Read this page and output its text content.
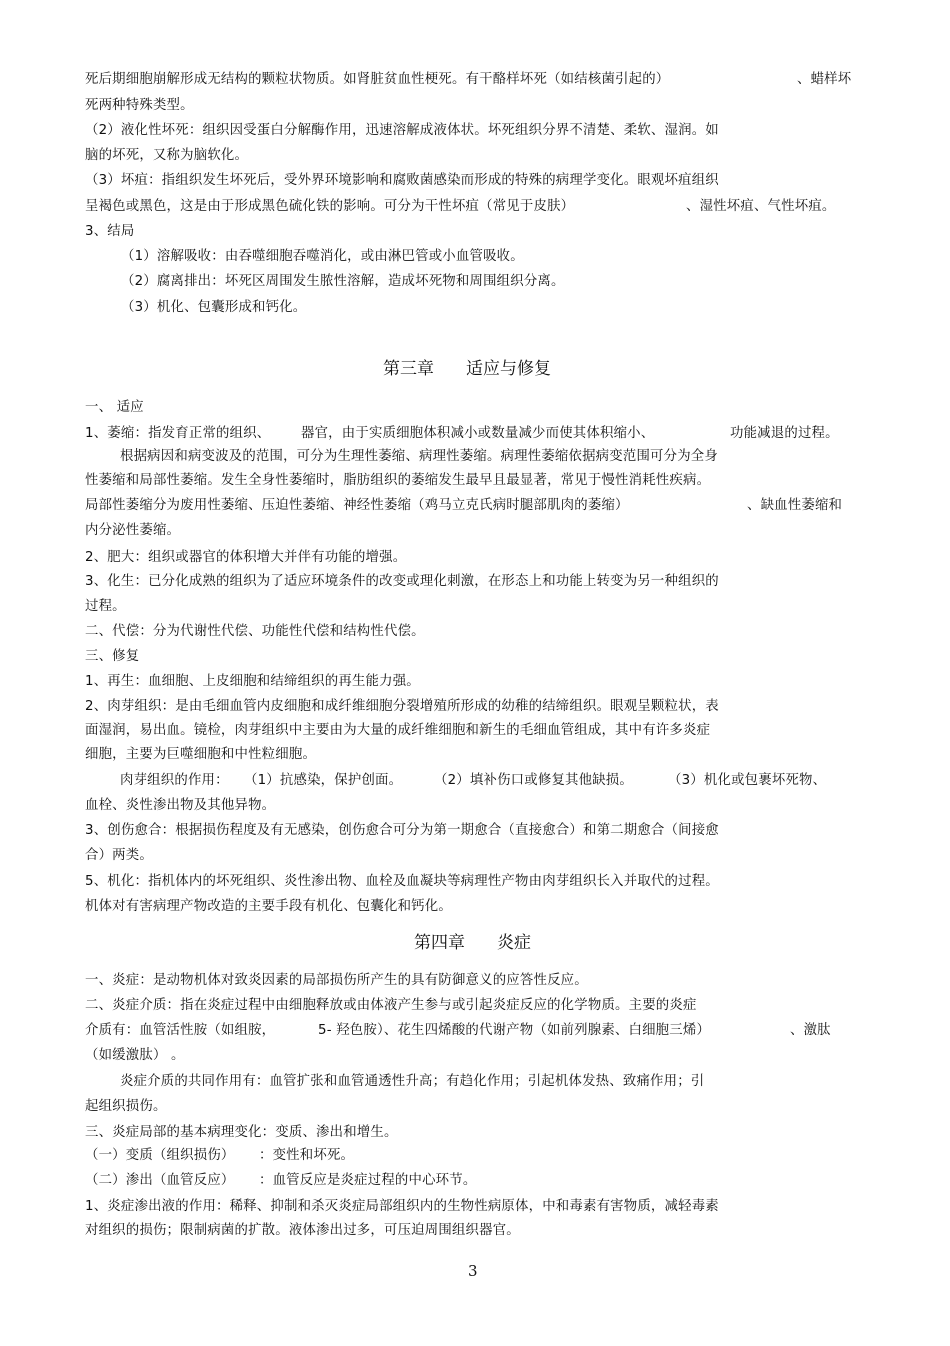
死后期细胞崩解形成无结构的颗粒状物质。如肾脏贫血性梗死。有干酪样坏死（如结核菌引起的）	、蜡样坏
死两种特殊类型。
（2）液化性坏死：组织因受蛋白分解酶作用，迅速溶解成液体状。坏死组织分界不清楚、柔软、湿润。如
脑的坏死，又称为脑软化。
（3）坏疽：指组织发生坏死后，受外界环境影响和腐败菌感染而形成的特殊的病理学变化。眼观坏疽组织
呈褐色或黑色，这是由于形成黑色硫化铁的影响。可分为干性坏疽（常见于皮肤）	、湿性坏疽、气性坏疽。
3、结局
（1）溶解吸收：由吞噬细胞吞噬消化，或由淋巴管或小血管吸收。
（2）腐离排出：坏死区周围发生脓性溶解，造成坏死物和周围组织分离。
（3）机化、包囊形成和钙化。
第三章 适应与修复
一、 适应
1、萎缩：指发育正常的组织、 器官，由于实质细胞体积减小或数量减少而使其体积缩小、	功能减退的过程。
根据病因和病变波及的范围，可分为生理性萎缩、病理性萎缩。病理性萎缩依据病变范围可分为全身
性萎缩和局部性萎缩。发生全身性萎缩时，脂肪组织的萎缩发生最早且最显著，常见于慢性消耗性疾病。
局部性萎缩分为废用性萎缩、压迫性萎缩、神经性萎缩（鸡马立克氏病时腿部肌肉的萎缩）	、缺血性萎缩和
内分泌性萎缩。
2、肥大：组织或器官的体积增大并伴有功能的增强。
3、化生：已分化成熟的组织为了适应环境条件的改变或理化刺激，在形态上和功能上转变为另一种组织的
过程。
二、代偿：分为代谢性代偿、功能性代偿和结构性代偿。
三、修复
1、再生：血细胞、上皮细胞和结缔组织的再生能力强。
2、肉芽组织：是由毛细血管内皮细胞和成纤维细胞分裂增殖所形成的幼稚的结缔组织。眼观呈颗粒状，表
面湿润，易出血。镜检，肉芽组织中主要由为大量的成纤维细胞和新生的毛细血管组成，其中有许多炎症
细胞，主要为巨噬细胞和中性粒细胞。
肉芽组织的作用： （1）抗感染，保护创面。 （2）填补伤口或修复其他缺损。	（3）机化或包裹坏死物、
血栓、炎性渗出物及其他异物。
3、创伤愈合：根据损伤程度及有无感染，创伤愈合可分为第一期愈合（直接愈合）和第二期愈合（间接愈
合）两类。
5、机化：指机体内的坏死组织、炎性渗出物、血栓及血凝块等病理性产物由肉芽组织长入并取代的过程。
机体对有害病理产物改造的主要手段有机化、包囊化和钙化。
第四章 炎症
一、炎症：是动物机体对致炎因素的局部损伤所产生的具有防御意义的应答性反应。
二、炎症介质：指在炎症过程中由细胞释放或由体液产生参与或引起炎症反应的化学物质。主要的炎症
介质有：血管活性胺（如组胺，	5- 羟色胺）、花生四烯酸的代谢产物（如前列腺素、白细胞三烯）	、激肽
（如缓激肽） 。
炎症介质的共同作用有：血管扩张和血管通透性升高；有趋化作用；引起机体发热、致痛作用；引
起组织损伤。
三、炎症局部的基本病理变化：变质、渗出和增生。
（一）变质（组织损伤） ：变性和坏死。
（二）渗出（血管反应） ：血管反应是炎症过程的中心环节。
1、炎症渗出液的作用：稀释、抑制和杀灭炎症局部组织内的生物性病原体，中和毒素有害物质，减轻毒素
对组织的损伤；限制病菌的扩散。液体渗出过多，可压迫周围组织器官。
3
